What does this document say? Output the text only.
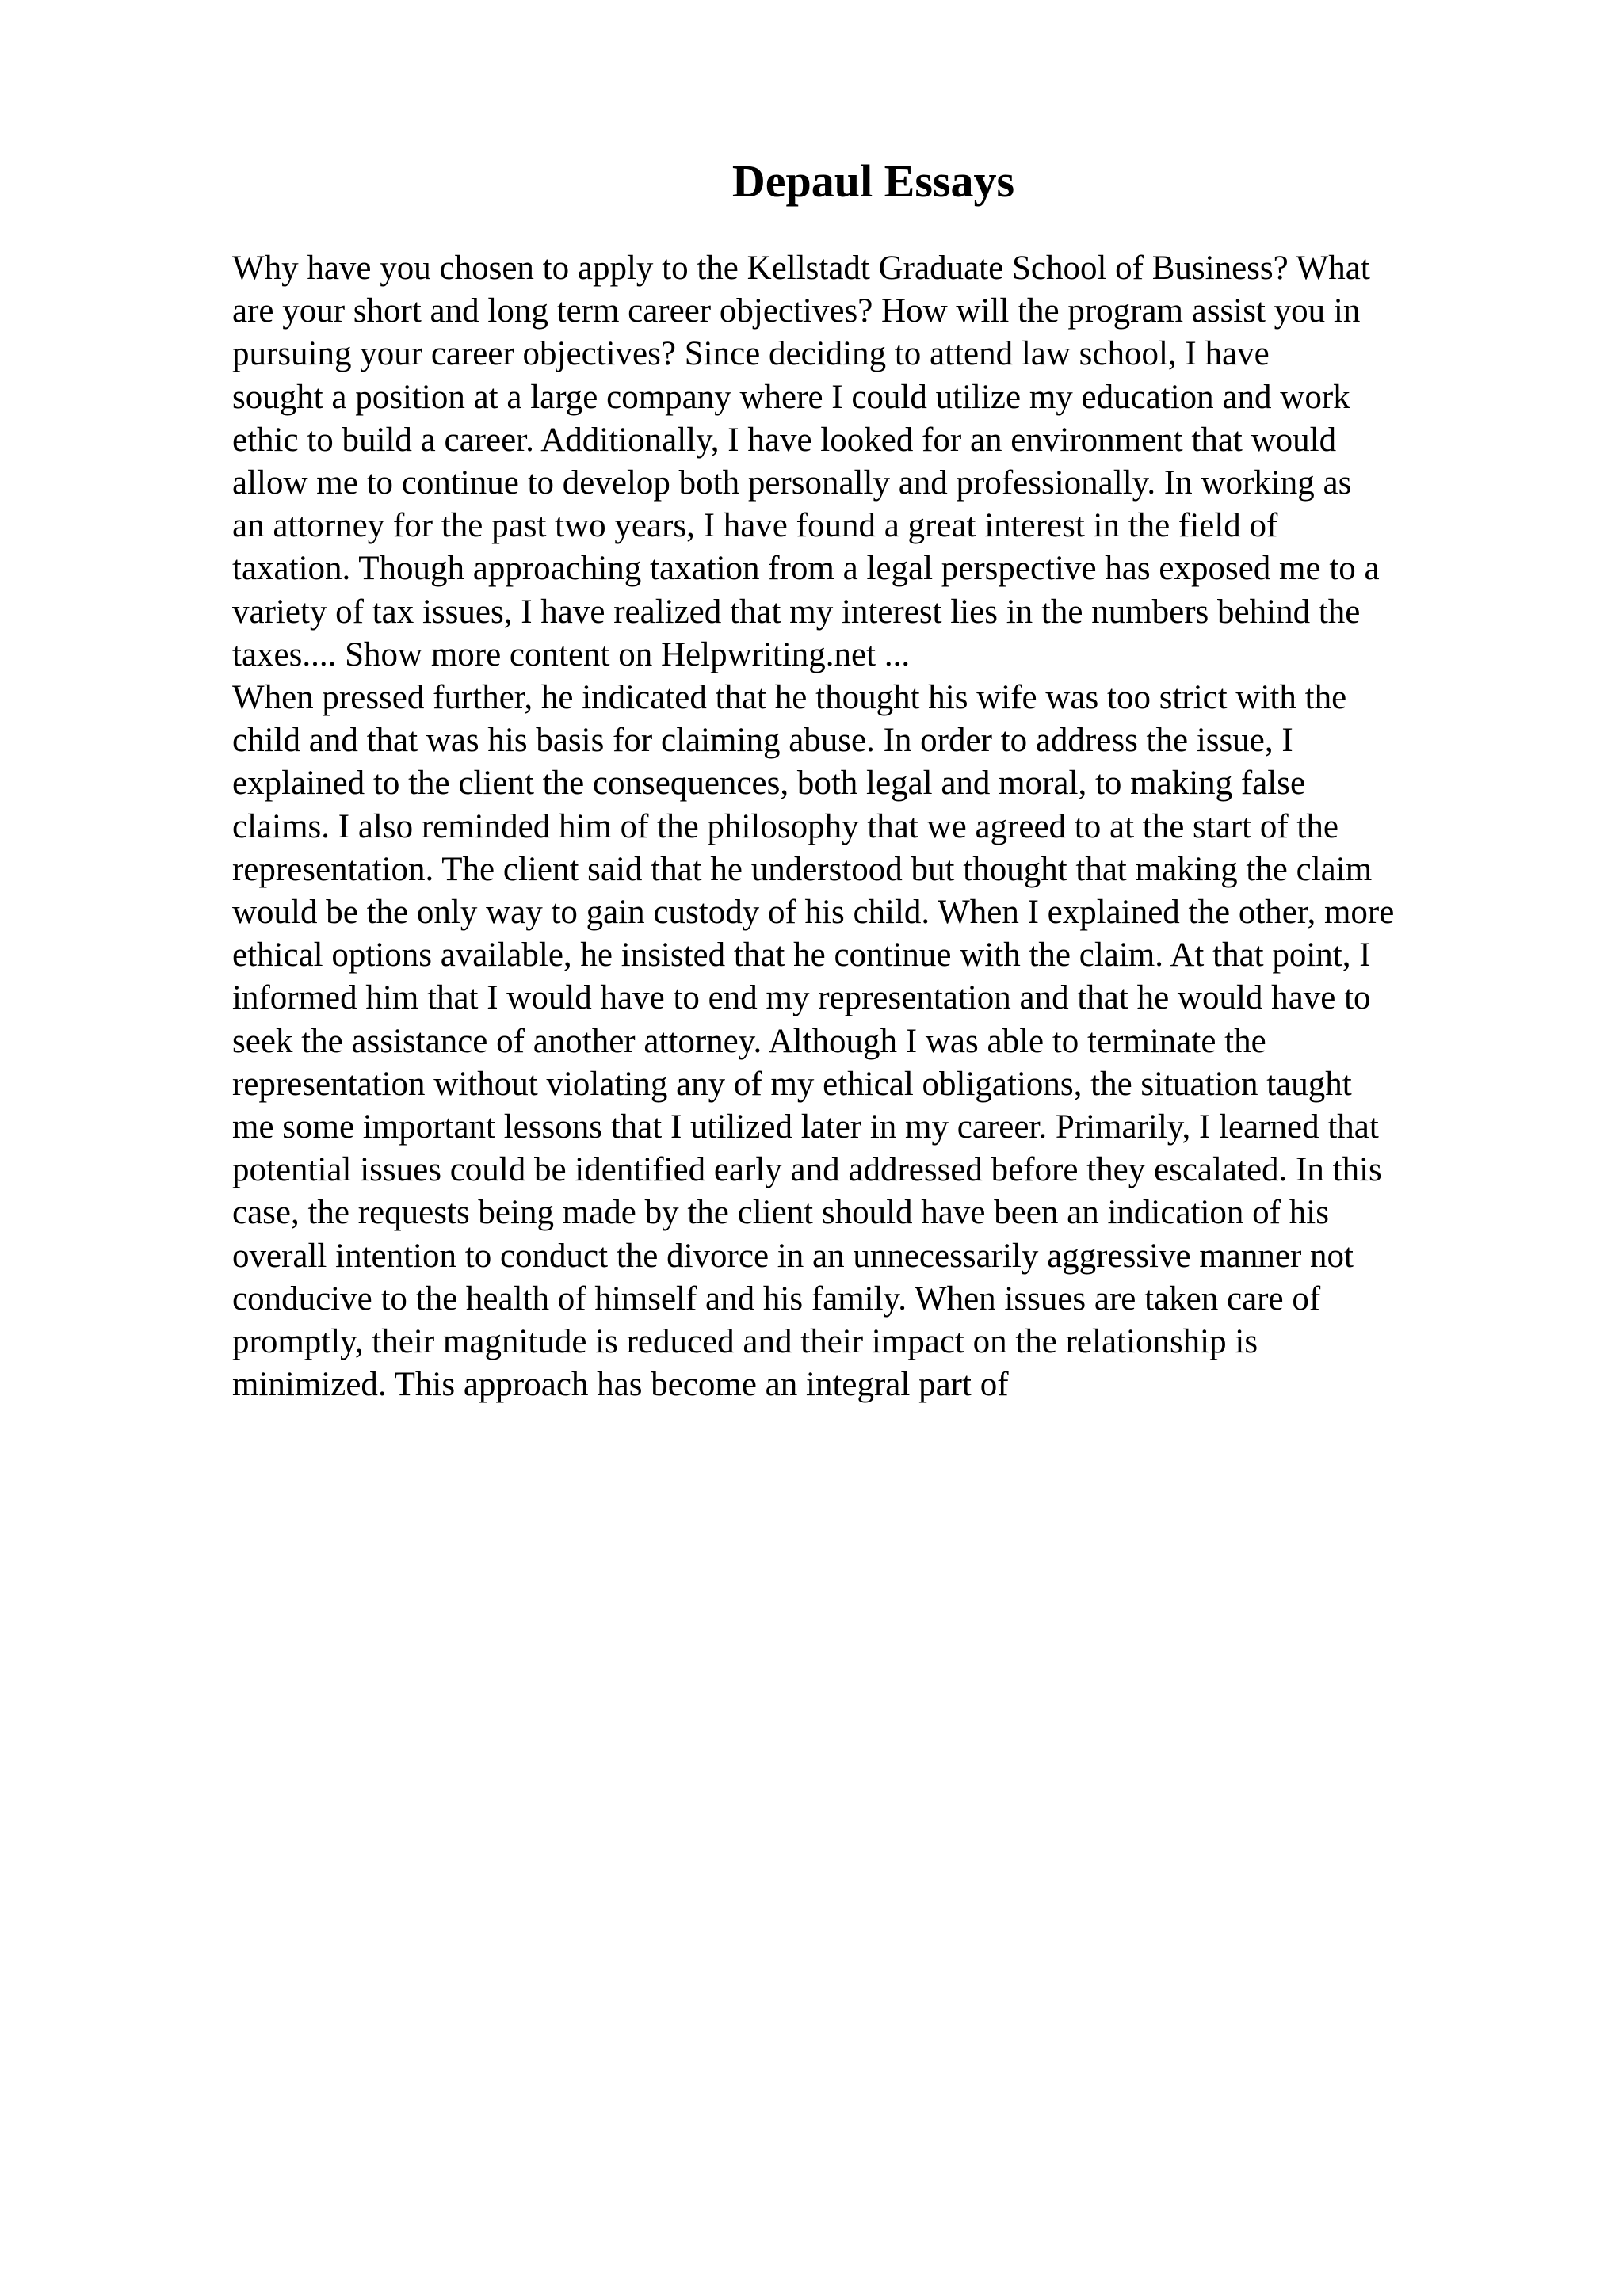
Depaul Essays
Why have you chosen to apply to the Kellstadt Graduate School of Business? What
are your short and long term career objectives? How will the program assist you in
pursuing your career objectives? Since deciding to attend law school, I have
sought a position at a large company where I could utilize my education and work
ethic to build a career. Additionally, I have looked for an environment that would
allow me to continue to develop both personally and professionally. In working as
an attorney for the past two years, I have found a great interest in the field of
taxation. Though approaching taxation from a legal perspective has exposed me to a
variety of tax issues, I have realized that my interest lies in the numbers behind the
taxes.... Show more content on Helpwriting.net ...
When pressed further, he indicated that he thought his wife was too strict with the
child and that was his basis for claiming abuse. In order to address the issue, I
explained to the client the consequences, both legal and moral, to making false
claims. I also reminded him of the philosophy that we agreed to at the start of the
representation. The client said that he understood but thought that making the claim
would be the only way to gain custody of his child. When I explained the other, more
ethical options available, he insisted that he continue with the claim. At that point, I
informed him that I would have to end my representation and that he would have to
seek the assistance of another attorney. Although I was able to terminate the
representation without violating any of my ethical obligations, the situation taught
me some important lessons that I utilized later in my career. Primarily, I learned that
potential issues could be identified early and addressed before they escalated. In this
case, the requests being made by the client should have been an indication of his
overall intention to conduct the divorce in an unnecessarily aggressive manner not
conducive to the health of himself and his family. When issues are taken care of
promptly, their magnitude is reduced and their impact on the relationship is
minimized. This approach has become an integral part of
